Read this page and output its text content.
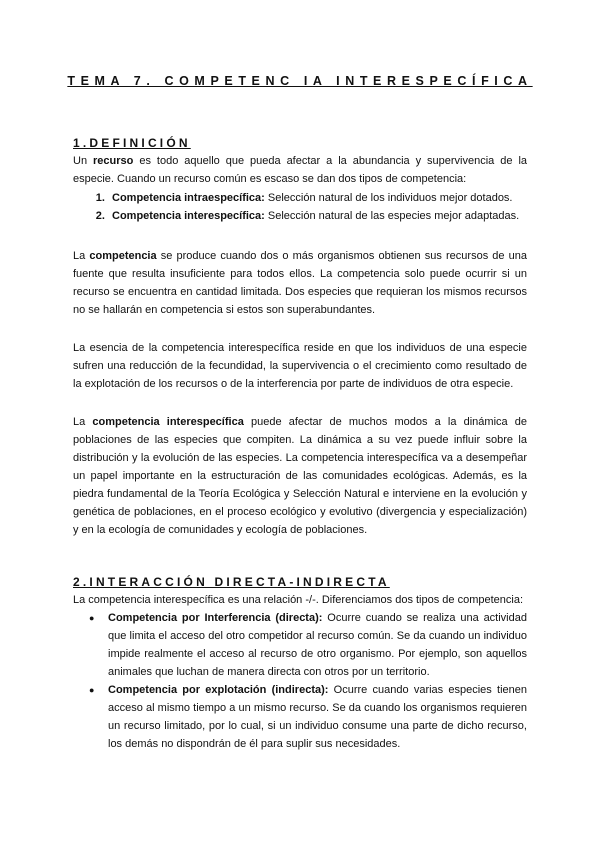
TEMA 7. COMPETENC IA INTERESPECÍFICA
1.DEFINICIÓN

Un recurso es todo aquello que pueda afectar a la abundancia y supervivencia de la especie. Cuando un recurso común es escaso se dan dos tipos de competencia:

1. Competencia intraespecífica: Selección natural de los individuos mejor dotados.
2. Competencia interespecífica: Selección natural de las especies mejor adaptadas.

La competencia se produce cuando dos o más organismos obtienen sus recursos de una fuente que resulta insuficiente para todos ellos. La competencia solo puede ocurrir si un recurso se encuentra en cantidad limitada. Dos especies que requieran los mismos recursos no se hallarán en competencia si estos son superabundantes.

La esencia de la competencia interespecífica reside en que los individuos de una especie sufren una reducción de la fecundidad, la supervivencia o el crecimiento como resultado de la explotación de los recursos o de la interferencia por parte de individuos de otra especie.

La competencia interespecífica puede afectar de muchos modos a la dinámica de poblaciones de las especies que compiten. La dinámica a su vez puede influir sobre la distribución y la evolución de las especies. La competencia interespecífica va a desempeñar un papel importante en la estructuración de las comunidades ecológicas. Además, es la piedra fundamental de la Teoría Ecológica y Selección Natural e interviene en la evolución y genética de poblaciones, en el proceso ecológico y evolutivo (divergencia y especialización) y en la ecología de comunidades y ecología de poblaciones.

2.INTERACCIÓN DIRECTA-INDIRECTA

La competencia interespecífica es una relación -/-. Diferenciamos dos tipos de competencia:

● Competencia por Interferencia (directa): Ocurre cuando se realiza una actividad que limita el acceso del otro competidor al recurso común. Se da cuando un individuo impide realmente el acceso al recurso de otro organismo. Por ejemplo, son aquellos animales que luchan de manera directa con otros por un territorio.
● Competencia por explotación (indirecta): Ocurre cuando varias especies tienen acceso al mismo tiempo a un mismo recurso. Se da cuando los organismos requieren un recurso limitado, por lo cual, si un individuo consume una parte de dicho recurso, los demás no dispondrán de él para suplir sus necesidades.
